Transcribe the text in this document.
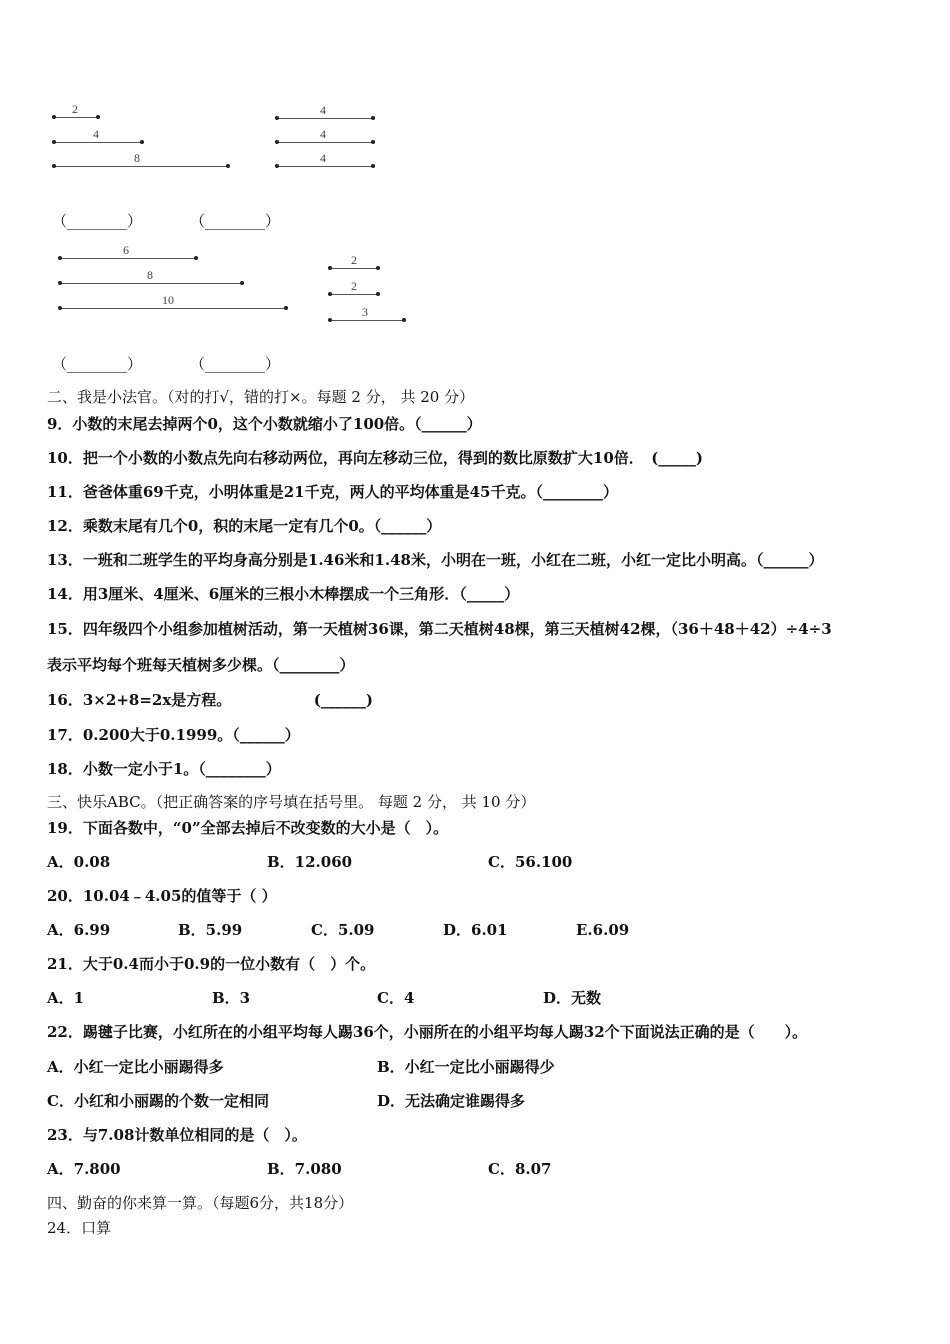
2
4
8
4
4
4
（________）	（________）
6
8
10
2
2
3
（________）	（________）
二、我是小法官。（对的打√，错的打×。每题 2 分， 共 20 分）
9．小数的末尾去掉两个0，这个小数就缩小了100倍。（______）
10．把一个小数的小数点先向右移动两位，再向左移动三位，得到的数比原数扩大10倍．　(_____)
11．爸爸体重69千克，小明体重是21千克，两人的平均体重是45千克。（________）
12．乘数末尾有几个0，积的末尾一定有几个0。（______）
13．一班和二班学生的平均身高分别是1.46米和1.48米，小明在一班，小红在二班，小红一定比小明高。（______）
14．用3厘米、4厘米、6厘米的三根小木棒摆成一个三角形．（_____）
15．四年级四个小组参加植树活动，第一天植树36课，第二天植树48棵，第三天植树42棵，（36＋48＋42）÷4÷3
表示平均每个班每天植树多少棵。（________）
16．3×2+8=2x是方程。　　　　　　(______)
17．0.200大于0.1999。（______）
18．小数一定小于1。（________）
三、快乐ABC。（把正确答案的序号填在括号里。 每题 2 分， 共 10 分）
19．下面各数中，“0”全部去掉后不改变数的大小是（　）。
A．0.08	B．12.060	C．56.100
20．10.04﹣4.05的值等于（ ）
A．6.99	B．5.99	C．5.09	D．6.01	E.6.09
21．大于0.4而小于0.9的一位小数有（　）个。
A．1	B．3	C．4	D．无数
22．踢毽子比赛，小红所在的小组平均每人踢36个，小丽所在的小组平均每人踢32个下面说法正确的是（　　）。
A．小红一定比小丽踢得多	B．小红一定比小丽踢得少
C．小红和小丽踢的个数一定相同	D．无法确定谁踢得多
23．与7.08计数单位相同的是（　）。
A．7.800	B．7.080	C．8.07
四、勤奋的你来算一算。（每题6分，共18分）
24．口算
